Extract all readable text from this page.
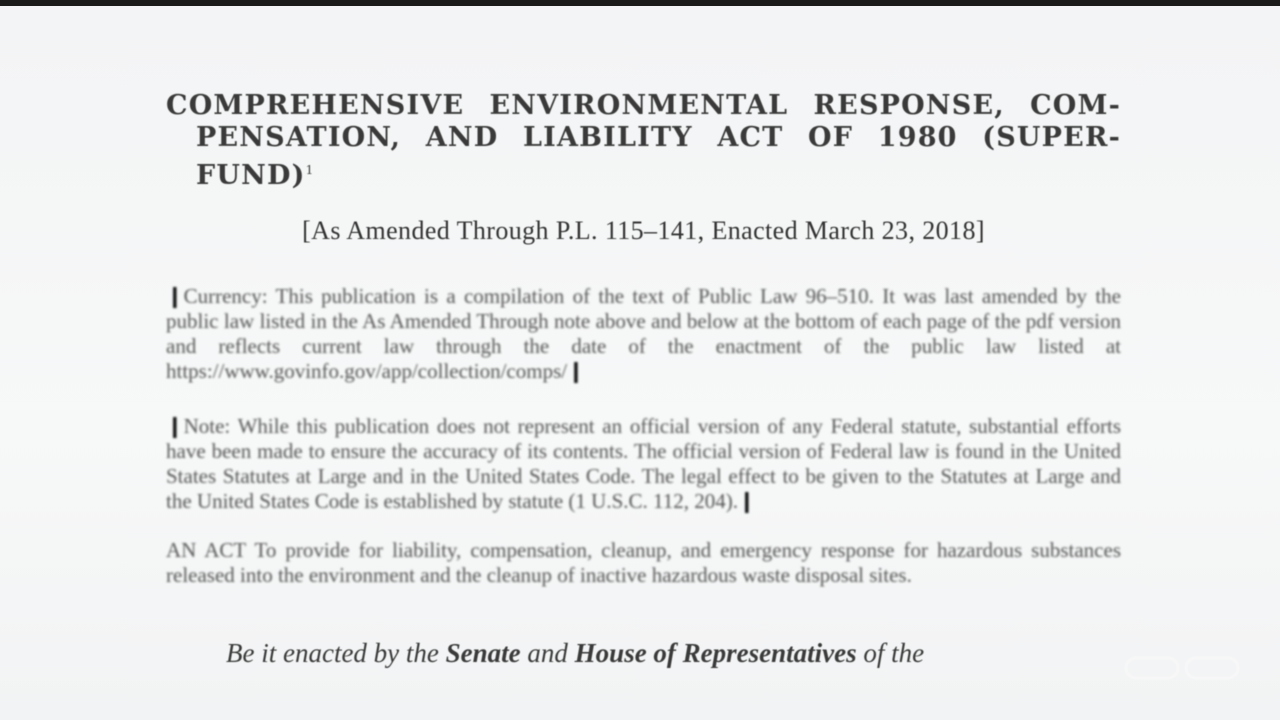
COMPREHENSIVE ENVIRONMENTAL RESPONSE, COM-
PENSATION, AND LIABILITY ACT OF 1980 (SUPER-
FUND)$^1$
[As Amended Through P.L. 115–141, Enacted March 23, 2018]

❙Currency: This publication is a compilation of the text of Public Law 96–510. It was last amended by the public law listed in the As Amended Through note above and below at the bottom of each page of the pdf version and reflects current law through the date of the enactment of the public law listed at https://www.govinfo.gov/app/collection/comps/❙

❙Note: While this publication does not represent an official version of any Federal statute, substantial efforts have been made to ensure the accuracy of its contents. The official version of Federal law is found in the United States Statutes at Large and in the United States Code. The legal effect to be given to the Statutes at Large and the United States Code is established by statute (1 U.S.C. 112, 204).❙

AN ACT To provide for liability, compensation, cleanup, and emergency response for hazardous substances released into the environment and the cleanup of inactive hazardous waste disposal sites.

Be it enacted by the Senate and House of Representatives of the
